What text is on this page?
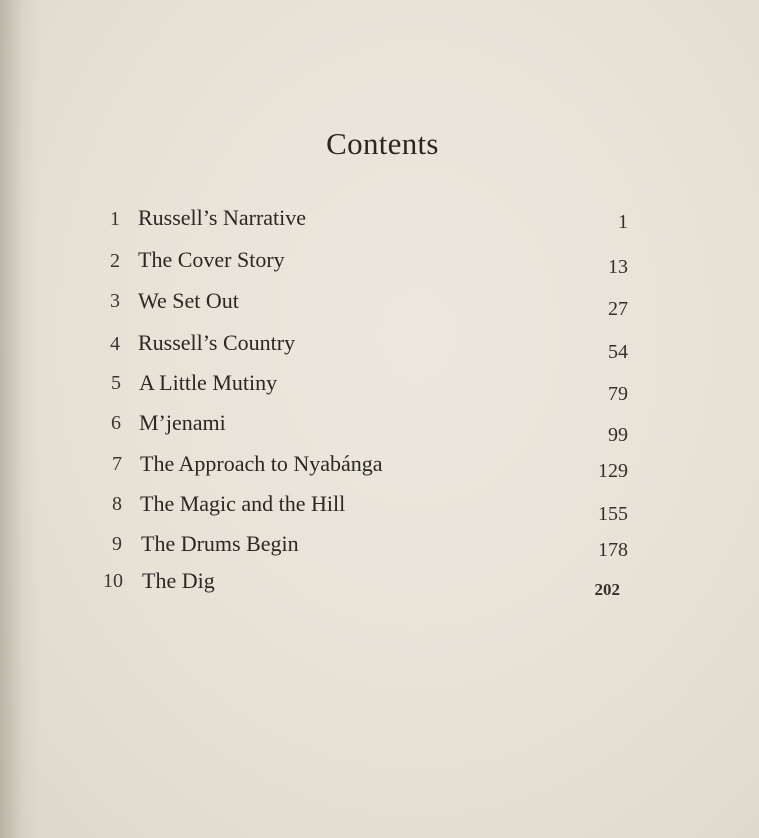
Contents
1 Russell’s Narrative	1
2 The Cover Story	13
3 We Set Out	27
4 Russell’s Country	54
5 A Little Mutiny	79
6 M’jenami	99
7 The Approach to Nyabánga	129
8 The Magic and the Hill	155
9 The Drums Begin	178
10 The Dig	202
